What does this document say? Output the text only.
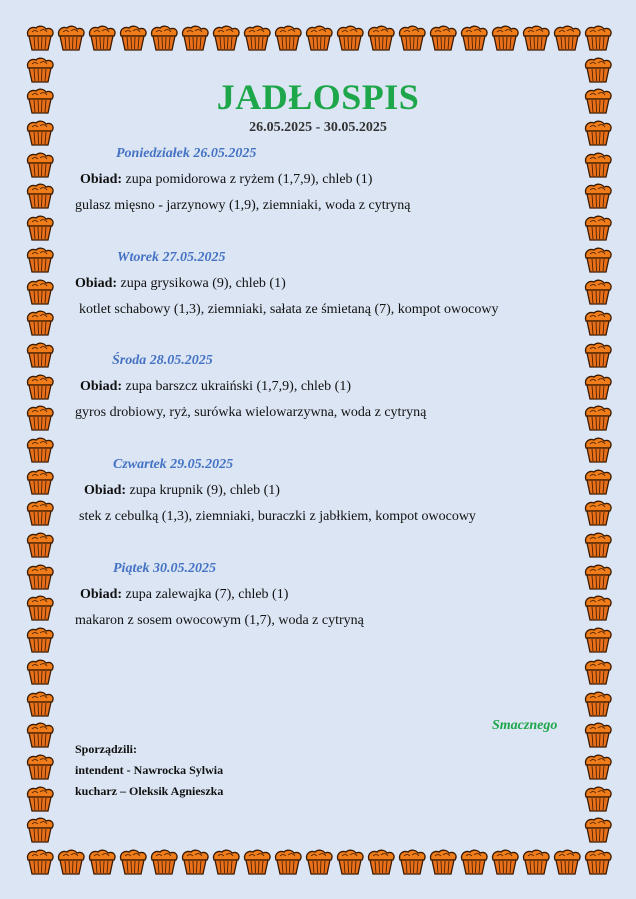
JADŁOSPIS
26.05.2025 - 30.05.2025
Poniedziałek 26.05.2025
Obiad: zupa pomidorowa z ryżem (1,7,9), chleb (1)
gulasz mięsno - jarzynowy (1,9), ziemniaki, woda z cytryną
Wtorek 27.05.2025
Obiad: zupa grysikowa (9), chleb (1)
kotlet schabowy (1,3), ziemniaki, sałata ze śmietaną (7), kompot owocowy
Środa 28.05.2025
Obiad: zupa barszcz ukraiński (1,7,9), chleb (1)
gyros drobiowy, ryż, surówka wielowarzywna, woda z cytryną
Czwartek 29.05.2025
Obiad: zupa krupnik (9), chleb (1)
stek z cebulką (1,3), ziemniaki, buraczki z jabłkiem, kompot owocowy
Piątek 30.05.2025
Obiad: zupa zalewajka (7), chleb (1)
makaron z sosem owocowym (1,7), woda z cytryną
Smacznego
Sporządzili:
intendent - Nawrocka Sylwia
kucharz – Oleksik Agnieszka
